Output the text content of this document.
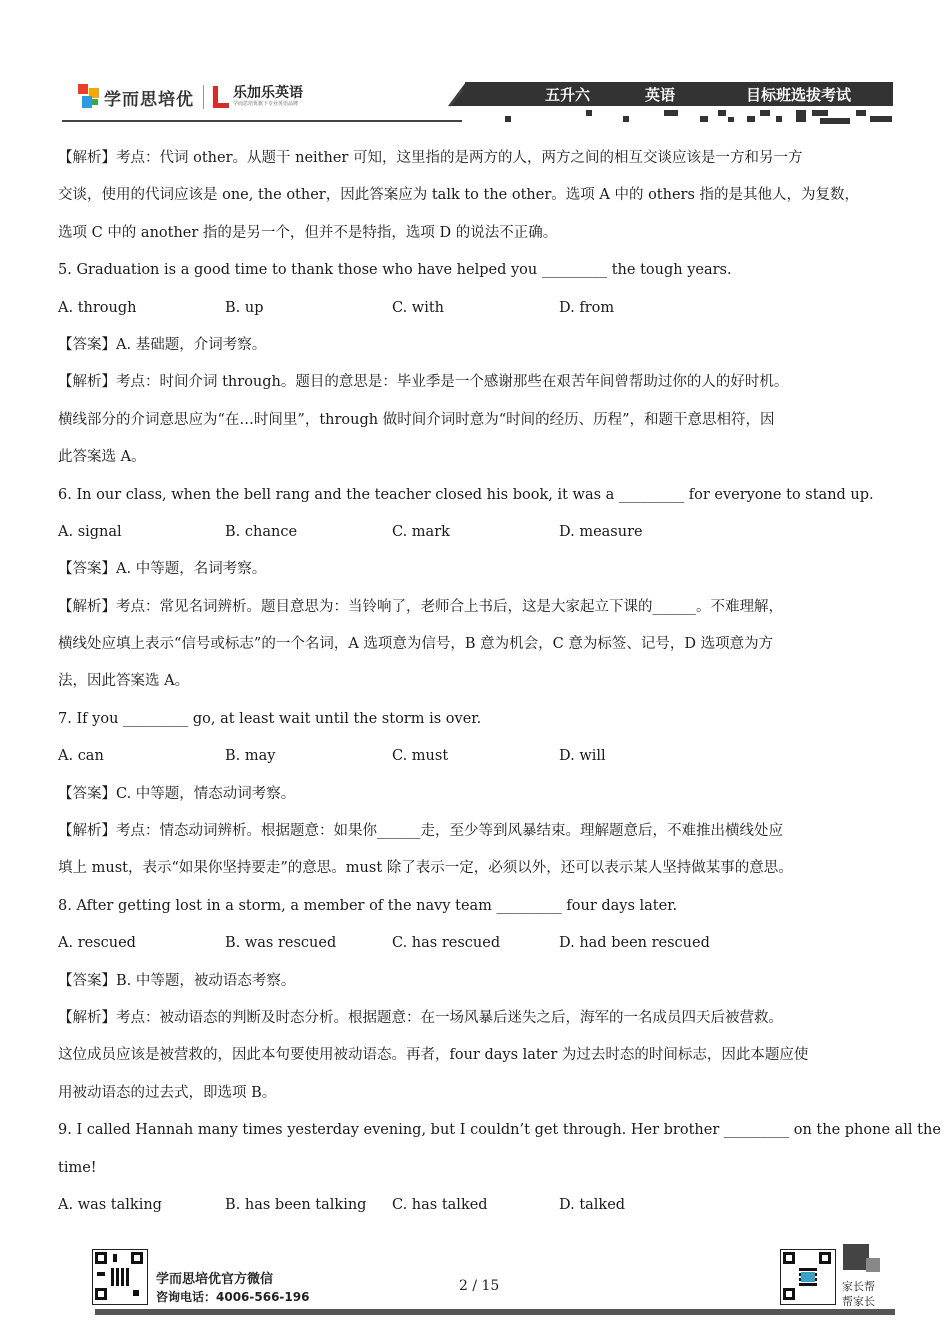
学而思培优	乐加乐英语
学而思培优旗下专业英语品牌	五升六	英语	目标班选拔考试
【解析】考点：代词 other。从题干 neither 可知，这里指的是两方的人，两方之间的相互交谈应该是一方和另一方
交谈，使用的代词应该是 one, the other，因此答案应为 talk to the other。选项 A 中的 others 指的是其他人，为复数，
选项 C 中的 another 指的是另一个，但并不是特指，选项 D 的说法不正确。
5. Graduation is a good time to thank those who have helped you _________ the tough years.
A. through	B. up	C. with	D. from
【答案】A. 基础题，介词考察。
【解析】考点：时间介词 through。题目的意思是：毕业季是一个感谢那些在艰苦年间曾帮助过你的人的好时机。
横线部分的介词意思应为“在…时间里”，through 做时间介词时意为“时间的经历、历程”，和题干意思相符，因
此答案选 A。
6. In our class, when the bell rang and the teacher closed his book, it was a _________ for everyone to stand up.
A. signal	B. chance	C. mark	D. measure
【答案】A. 中等题，名词考察。
【解析】考点：常见名词辨析。题目意思为：当铃响了，老师合上书后，这是大家起立下课的______。不难理解，
横线处应填上表示“信号或标志”的一个名词，A 选项意为信号，B 意为机会，C 意为标签、记号，D 选项意为方
法，因此答案选 A。
7. If you _________ go, at least wait until the storm is over.
A. can	B. may	C. must	D. will
【答案】C. 中等题，情态动词考察。
【解析】考点：情态动词辨析。根据题意：如果你______走，至少等到风暴结束。理解题意后，不难推出横线处应
填上 must，表示“如果你坚持要走”的意思。must 除了表示一定，必须以外，还可以表示某人坚持做某事的意思。
8. After getting lost in a storm, a member of the navy team _________ four days later.
A. rescued	B. was rescued	C. has rescued	D. had been rescued
【答案】B. 中等题，被动语态考察。
【解析】考点：被动语态的判断及时态分析。根据题意：在一场风暴后迷失之后，海军的一名成员四天后被营救。
这位成员应该是被营救的，因此本句要使用被动语态。再者，four days later 为过去时态的时间标志，因此本题应使
用被动语态的过去式，即选项 B。
9. I called Hannah many times yesterday evening, but I couldn’t get through. Her brother _________ on the phone all the
time!
A. was talking	B. has been talking	C. has talked	D. talked
学而思培优官方微信
咨询电话：4006-566-196
2 / 15	家长帮
帮家长
